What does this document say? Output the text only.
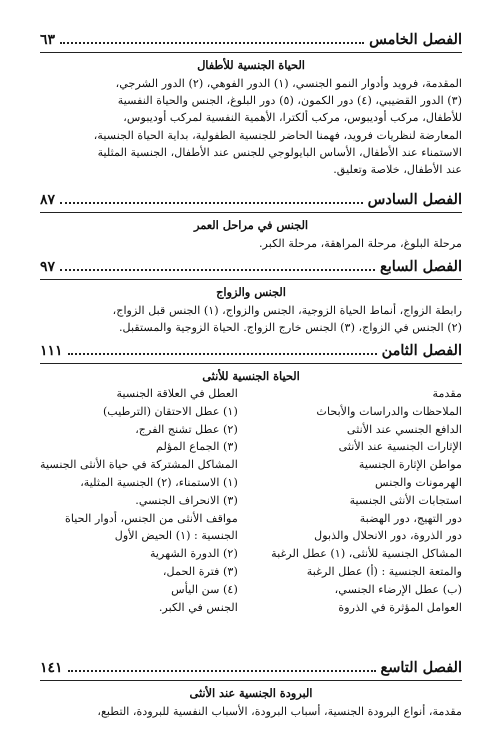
الفصل الخامس
٦٣
الحياة الجنسية للأطفال
المقدمة، فرويد وأدوار النمو الجنسي، (١) الدور الفوهي، (٢) الدور الشرجي،
(٣) الدور القضيبي، (٤) دور الكمون، (٥) دور البلوغ، الجنس والحياة النفسية
للأطفال، مركب أوديبوس، مركب ألكترا، الأهمية النفسية لمركب أوديبوس،
المعارضة لنظريات فرويد، فهمنا الحاضر للجنسية الطفولية، بداية الحياة الجنسية،
الاستمناء عند الأطفال، الأساس البايولوجي للجنس عند الأطفال، الجنسية المثلية
عند الأطفال، خلاصة وتعليق.
الفصل السادس
٨٧
الجنس في مراحل العمر
مرحلة البلوغ، مرحلة المراهقة، مرحلة الكبر.
الفصل السابع
٩٧
الجنس والزواج
رابطة الزواج، أنماط الحياة الزوجية، الجنس والزواج، (١) الجنس قبل الزواج،
(٢) الجنس في الزواج، (٣) الجنس خارج الزواج. الحياة الزوجية والمستقبل.
الفصل الثامن
١١١
الحياة الجنسية للأنثى
مقدمة
الملاحظات والدراسات والأبحاث
الدافع الجنسي عند الأنثى
الإثارات الجنسية عند الأنثى
مواطن الإثارة الجنسية
الهرمونات والجنس
استجابات الأنثى الجنسية
دور التهيج، دور الهضبة
دور الذروة، دور الانحلال والذبول
المشاكل الجنسية للأنثى، (١) عطل الرغبة
والمتعة الجنسية : (أ) عطل الرغبة
(ب) عطل الإرضاء الجنسي،
العوامل المؤثرة في الذروة
العطل في العلاقة الجنسية
(١) عطل الاحتقان (الترطيب)
(٢) عطل تشنج الفرج،
(٣) الجماع المؤلم
المشاكل المشتركة في حياة الأنثى الجنسية
(١) الاستمناء، (٢) الجنسية المثلية،
(٣) الانحراف الجنسي.
مواقف الأنثى من الجنس، أدوار الحياة
الجنسية : (١) الحيض الأول
(٢) الدورة الشهرية
(٣) فترة الحمل،
(٤) سن اليأس
الجنس في الكبر.
الفصل التاسع
١٤١
البرودة الجنسية عند الأنثى
مقدمة، أنواع البرودة الجنسية، أسباب البرودة، الأسباب النفسية للبرودة، التطبع،
